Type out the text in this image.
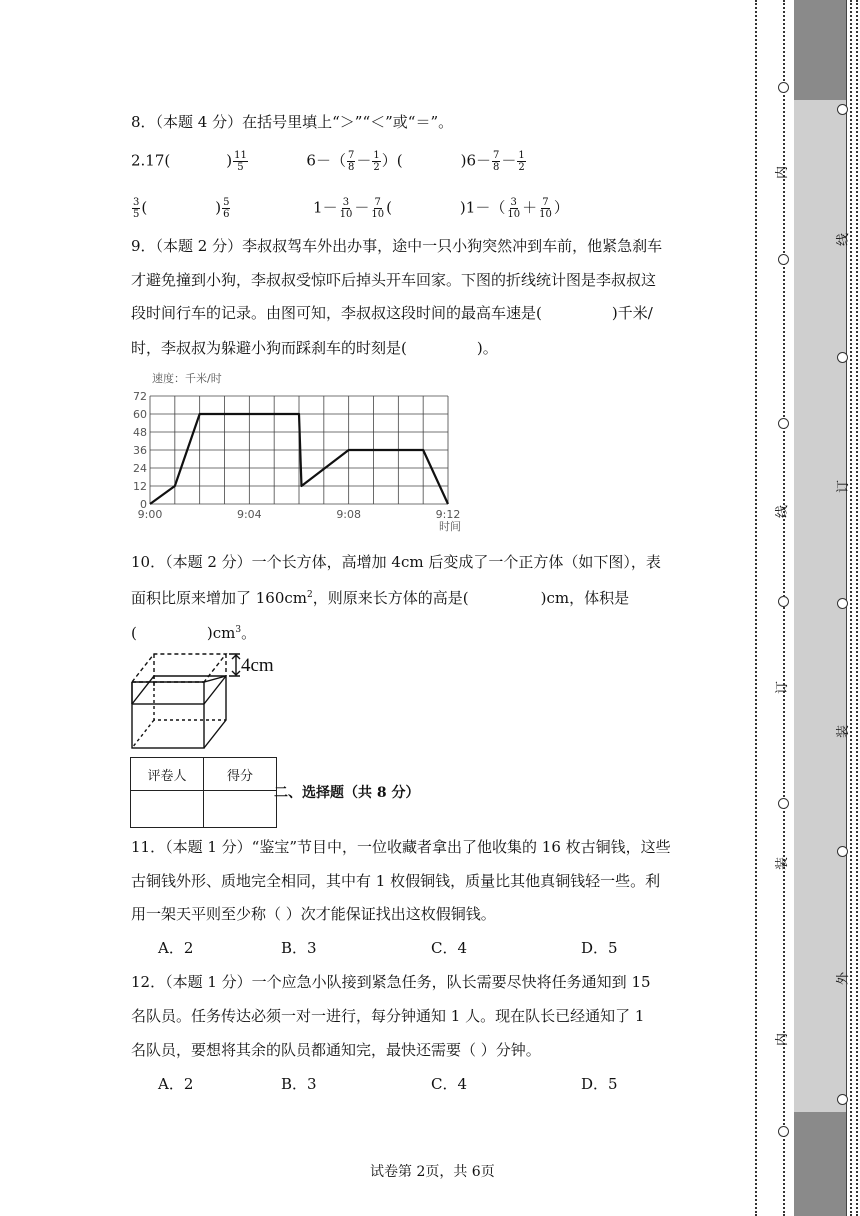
8．（本题 4 分）在括号里填上“＞”“＜”或“＝”。
2.17(	) $\frac{11}{5}$	$6-( \frac{7}{8} - \frac{1}{2}$ ）(	)$6- \frac{7}{8} - \frac{1}{2}$
$\frac{3}{5}$ (	) $\frac{5}{6}$	$1- \frac{3}{10} - \frac{7}{10}$ (	)$1-( \frac{3}{10} + \frac{7}{10}$ ）
9．（本题 2 分）李叔叔驾车外出办事，途中一只小狗突然冲到车前，他紧急刹车
才避免撞到小狗，李叔叔受惊吓后掉头开车回家。下图的折线统计图是李叔叔这
段时间行车的记录。由图可知，李叔叔这段时间的最高车速是(	)千米/
时，李叔叔为躲避小狗而踩刹车的时刻是(	)。
0
12
24
36
48
60
72
9:00	9:04	9:08	9:12
速度：千米/时
时间
10．（本题 2 分）一个长方体，高增加 4cm 后变成了一个正方体（如下图），表
面积比原来增加了 $160cm^2$，则原来长方体的高是(	)cm，体积是
(	)$cm^3$。
4cm
评卷人	得分

二、选择题（共 8 分）
11．（本题 1 分）“鉴宝”节目中，一位收藏者拿出了他收集的 16 枚古铜钱，这些
古铜钱外形、质地完全相同，其中有 1 枚假铜钱，质量比其他真铜钱轻一些。利
用一架天平则至少称（ ）次才能保证找出这枚假铜钱。
A．2	B．3	C．4	D．5
12．（本题 1 分）一个应急小队接到紧急任务，队长需要尽快将任务通知到 15
名队员。任务传达必须一对一进行，每分钟通知 1 人。现在队长已经通知了 1
名队员，要想将其余的队员都通知完，最快还需要（ ）分钟。
A．2	B．3	C．4	D．5
试卷第 2页，共 6页
内
线
订
装
内
线
订
装
外
